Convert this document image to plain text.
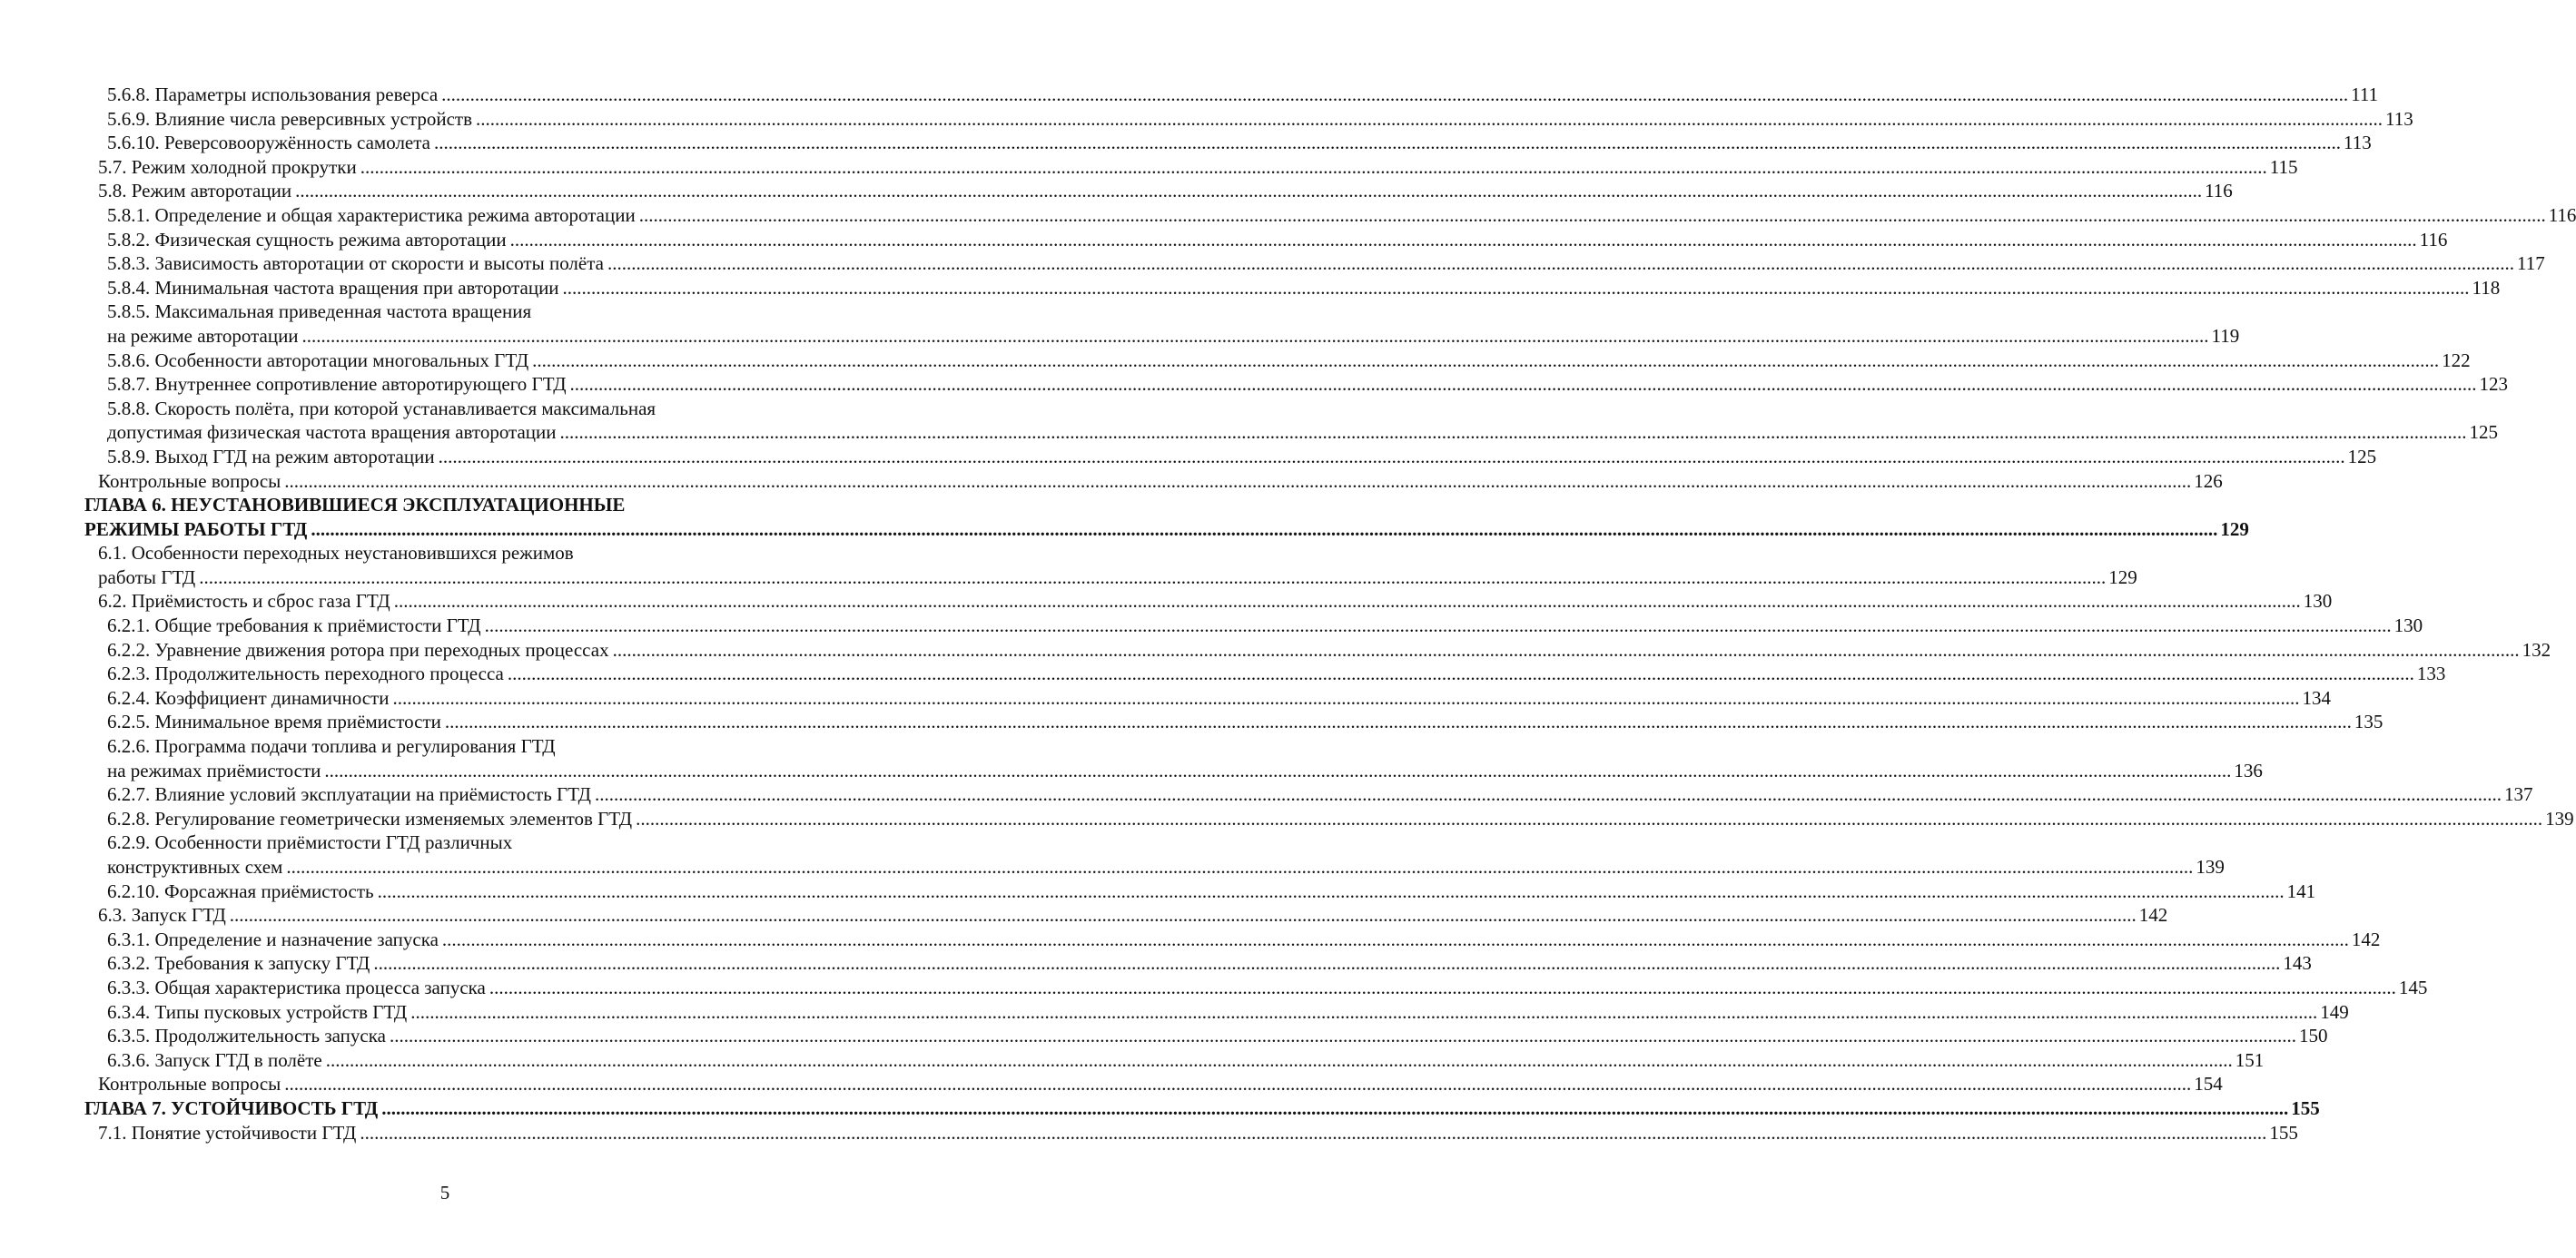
5.6.8. Параметры использования реверса ................................................................................................................................................................................................................................................................................................................................................................................................................ 111
5.6.9. Влияние числа реверсивных устройств ................................................................................................................................................................................................................................................................................................................................................................................................................ 113
5.6.10. Реверсовооружённость самолета ................................................................................................................................................................................................................................................................................................................................................................................................................ 113
5.7. Режим холодной прокрутки ................................................................................................................................................................................................................................................................................................................................................................................................................ 115
5.8. Режим авторотации ................................................................................................................................................................................................................................................................................................................................................................................................................ 116
5.8.1. Определение и общая характеристика режима авторотации ................................................................................................................................................................................................................................................................................................................................................................................................................ 116
5.8.2. Физическая сущность режима авторотации ................................................................................................................................................................................................................................................................................................................................................................................................................ 116
5.8.3. Зависимость авторотации от скорости и высоты полёта ................................................................................................................................................................................................................................................................................................................................................................................................................ 117
5.8.4. Минимальная частота вращения при авторотации ................................................................................................................................................................................................................................................................................................................................................................................................................ 118
5.8.5. Максимальная приведенная частота вращения
на режиме авторотации ................................................................................................................................................................................................................................................................................................................................................................................................................ 119
5.8.6. Особенности авторотации многовальных ГТД ................................................................................................................................................................................................................................................................................................................................................................................................................ 122
5.8.7. Внутреннее сопротивление авторотирующего ГТД ................................................................................................................................................................................................................................................................................................................................................................................................................ 123
5.8.8. Скорость полёта, при которой устанавливается максимальная
допустимая физическая частота вращения авторотации ................................................................................................................................................................................................................................................................................................................................................................................................................ 125
5.8.9. Выход ГТД на режим авторотации ................................................................................................................................................................................................................................................................................................................................................................................................................ 125
Контрольные вопросы ................................................................................................................................................................................................................................................................................................................................................................................................................ 126
ГЛАВА 6. НЕУСТАНОВИВШИЕСЯ ЭКСПЛУАТАЦИОННЫЕ
РЕЖИМЫ РАБОТЫ ГТД ................................................................................................................................................................................................................................................................................................................................................................................................................ 129
6.1. Особенности переходных неустановившихся режимов
работы ГТД ................................................................................................................................................................................................................................................................................................................................................................................................................ 129
6.2. Приёмистость и сброс газа ГТД ................................................................................................................................................................................................................................................................................................................................................................................................................ 130
6.2.1. Общие требования к приёмистости ГТД ................................................................................................................................................................................................................................................................................................................................................................................................................ 130
6.2.2. Уравнение движения ротора при переходных процессах ................................................................................................................................................................................................................................................................................................................................................................................................................ 132
6.2.3. Продолжительность переходного процесса ................................................................................................................................................................................................................................................................................................................................................................................................................ 133
6.2.4. Коэффициент динамичности ................................................................................................................................................................................................................................................................................................................................................................................................................ 134
6.2.5. Минимальное время приёмистости ................................................................................................................................................................................................................................................................................................................................................................................................................ 135
6.2.6. Программа подачи топлива и регулирования ГТД
на режимах приёмистости ................................................................................................................................................................................................................................................................................................................................................................................................................ 136
6.2.7. Влияние условий эксплуатации на приёмистость ГТД ................................................................................................................................................................................................................................................................................................................................................................................................................ 137
6.2.8. Регулирование геометрически изменяемых элементов ГТД ................................................................................................................................................................................................................................................................................................................................................................................................................ 139
6.2.9. Особенности приёмистости ГТД различных
конструктивных схем ................................................................................................................................................................................................................................................................................................................................................................................................................ 139
6.2.10. Форсажная приёмистость ................................................................................................................................................................................................................................................................................................................................................................................................................ 141
6.3. Запуск ГТД ................................................................................................................................................................................................................................................................................................................................................................................................................ 142
6.3.1. Определение и назначение запуска ................................................................................................................................................................................................................................................................................................................................................................................................................ 142
6.3.2. Требования к запуску ГТД ................................................................................................................................................................................................................................................................................................................................................................................................................ 143
6.3.3. Общая характеристика процесса запуска ................................................................................................................................................................................................................................................................................................................................................................................................................ 145
6.3.4. Типы пусковых устройств ГТД ................................................................................................................................................................................................................................................................................................................................................................................................................ 149
6.3.5. Продолжительность запуска ................................................................................................................................................................................................................................................................................................................................................................................................................ 150
6.3.6. Запуск ГТД в полёте ................................................................................................................................................................................................................................................................................................................................................................................................................ 151
Контрольные вопросы ................................................................................................................................................................................................................................................................................................................................................................................................................ 154
ГЛАВА 7. УСТОЙЧИВОСТЬ ГТД ................................................................................................................................................................................................................................................................................................................................................................................................................ 155
7.1. Понятие устойчивости ГТД ................................................................................................................................................................................................................................................................................................................................................................................................................ 155
5
